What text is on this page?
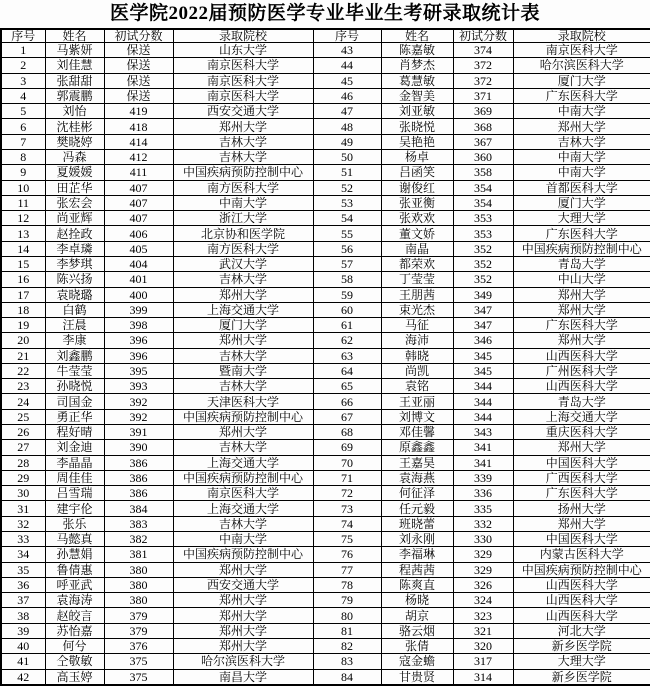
医学院2022届预防医学专业毕业生考研录取统计表
序号	姓名	初试分数	录取院校	序号	姓名	初试分数	录取院校
1	马紫妍	保送	山东大学	43	陈嘉敏	374	南京医科大学
2	刘佳慧	保送	南京医科大学	44	肖梦杰	372	哈尔滨医科大学
3	张甜甜	保送	南京医科大学	45	葛慧敏	372	厦门大学
4	郭震鹏	保送	南京医科大学	46	金智美	371	广东医科大学
5	刘怡	419	西安交通大学	47	刘亚敏	369	中南大学
6	沈桂彬	418	郑州大学	48	张晓悦	368	郑州大学
7	樊晓婷	414	吉林大学	49	吴艳艳	367	吉林大学
8	冯森	412	吉林大学	50	杨卓	360	中南大学
9	夏媛媛	411	中国疾病预防控制中心	51	吕函笑	358	中南大学
10	田芷华	407	南方医科大学	52	谢俊红	354	首都医科大学
11	张宏会	407	中南大学	53	张亚衡	354	厦门大学
12	尚亚辉	407	浙江大学	54	张欢欢	353	大理大学
13	赵拴政	406	北京协和医学院	55	董文娇	353	广东医科大学
14	李卓璘	405	南方医科大学	56	南晶	352	中国疾病预防控制中心
15	李梦琪	404	武汉大学	57	都荣欢	352	青岛大学
16	陈兴扬	401	吉林大学	58	丁莹莹	352	中山大学
17	袁晓璐	400	郑州大学	59	王朋茜	349	郑州大学
18	白鹤	399	上海交通大学	60	束光杰	347	郑州大学
19	汪晨	398	厦门大学	61	马征	347	广东医科大学
20	李康	396	郑州大学	62	海沛	346	郑州大学
21	刘鑫鹏	396	吉林大学	63	韩晓	345	山西医科大学
22	牛莹莹	395	暨南大学	64	尚凯	345	广州医科大学
23	孙晓悦	393	吉林大学	65	袁铭	344	山西医科大学
24	司国金	392	天津医科大学	66	王亚丽	344	青岛大学
25	勇正华	392	中国疾病预防控制中心	67	刘博文	344	上海交通大学
26	程好晴	391	郑州大学	68	邓佳馨	343	重庆医科大学
27	刘金迪	390	吉林大学	69	原鑫鑫	341	郑州大学
28	李晶晶	386	上海交通大学	70	王嘉昊	341	中国医科大学
29	周佳佳	386	中国疾病预防控制中心	71	袁海燕	339	广西医科大学
30	吕雪瑞	386	南京医科大学	72	何征泽	336	广东医科大学
31	建宇伦	384	上海交通大学	73	任元毅	335	扬州大学
32	张乐	383	吉林大学	74	班晓蕾	332	郑州大学
33	马懿真	382	中南大学	75	刘永刚	330	中国医科大学
34	孙慧娟	381	中国疾病预防控制中心	76	李福琳	329	内蒙古医科大学
35	鲁倩惠	380	郑州大学	77	程茜茜	329	中国疾病预防控制中心
36	呼亚武	380	西安交通大学	78	陈爽直	326	山西医科大学
37	袁海涛	380	郑州大学	79	杨晓	324	山西医科大学
38	赵皎言	379	郑州大学	80	胡京	323	山西医科大学
39	苏怡嘉	379	郑州大学	81	骆云烟	321	河北大学
40	何兮	376	郑州大学	82	张倩	320	新乡医学院
41	仝敬敏	375	哈尔滨医科大学	83	寇金蟾	317	大理大学
42	高玉婷	375	南昌大学	84	甘贵贤	314	新乡医学院
